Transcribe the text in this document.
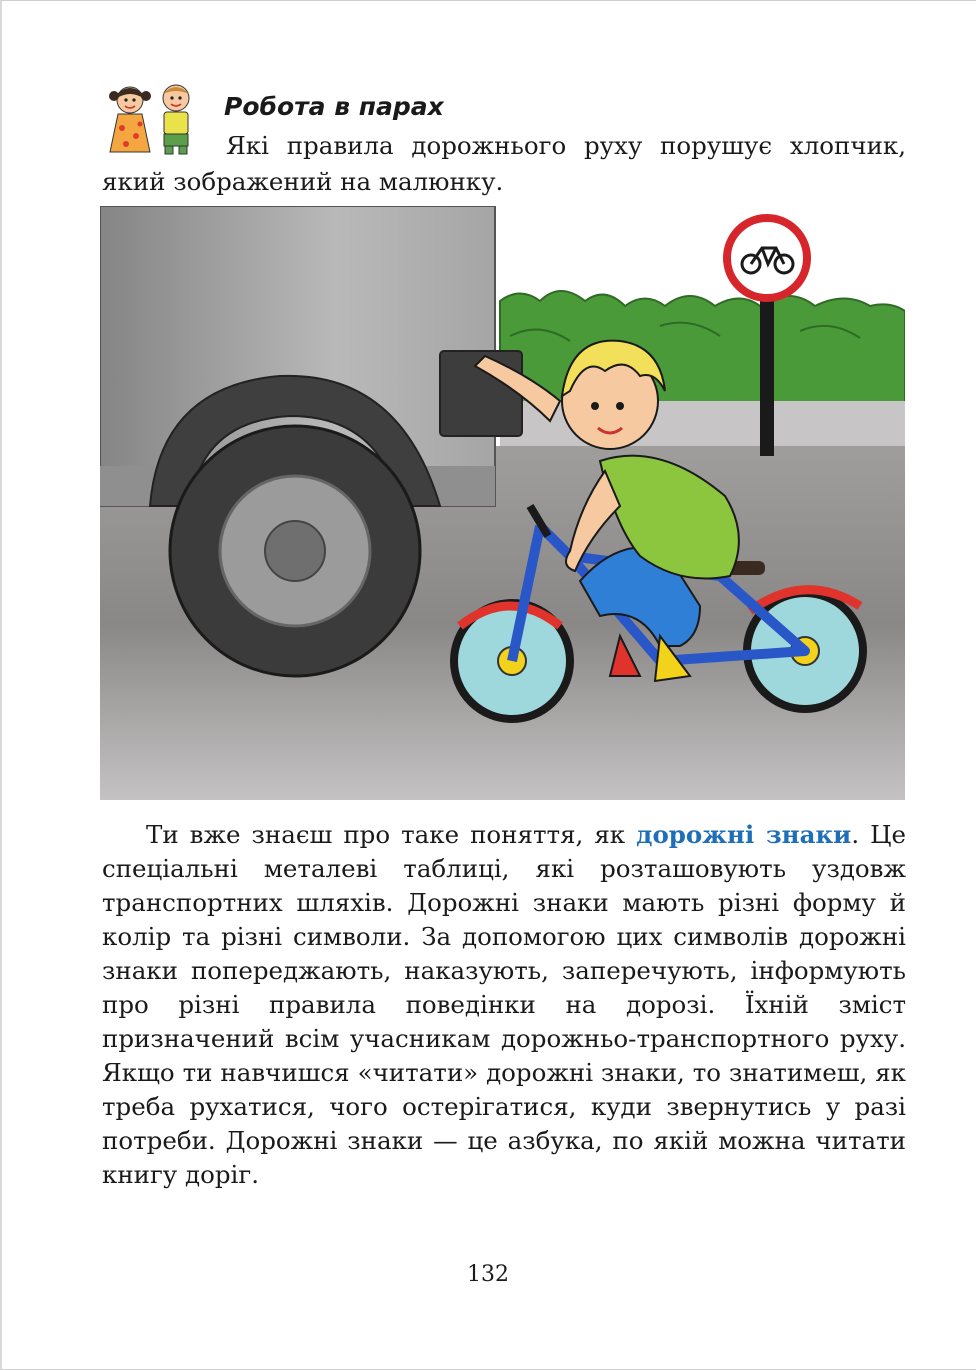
Робота в парах

Які правила дорожнього руху порушує хлопчик, який зображений на малюнку.

Ти вже знаєш про таке поняття, як дорожні знаки. Це спеціальні металеві таблиці, які розташовують уздовж транспортних шляхів. Дорожні знаки мають різні форму й колір та різні символи. За допомогою цих символів дорожні знаки попереджають, наказують, заперечують, інформують про різні правила поведінки на дорозі. Їхній зміст призначений всім учасникам дорожньо-транспортного руху. Якщо ти навчишся «читати» дорожні знаки, то знатимеш, як треба рухатися, чого остерігатися, куди звернутись у разі потреби. Дорожні знаки — це азбука, по якій можна читати книгу доріг.

132
